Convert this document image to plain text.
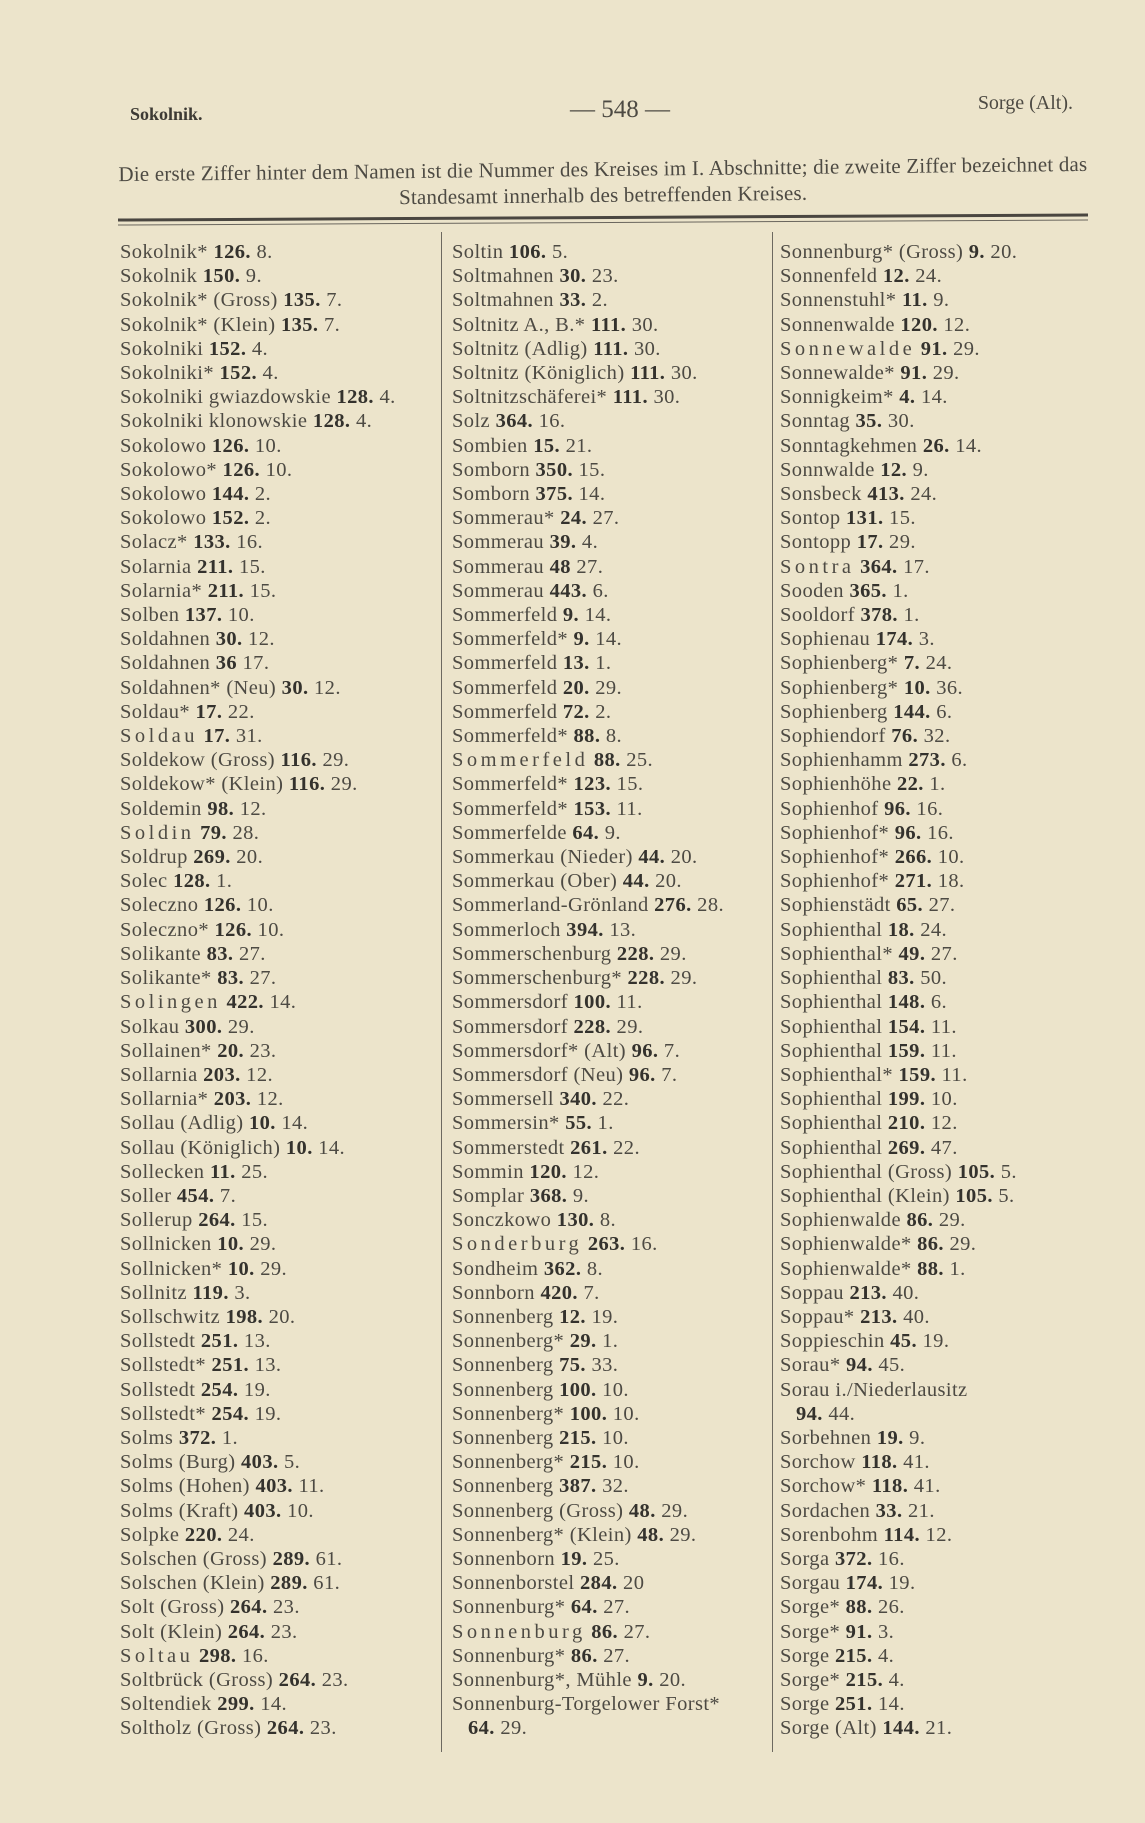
Sokolnik.	— 548 —	Sorge (Alt).
Die erste Ziffer hinter dem Namen ist die Nummer des Kreises im I. Abschnitte; die zweite Ziffer bezeichnet das Standesamt innerhalb des betreffenden Kreises.
Sokolnik* 126. 8.
Sokolnik 150. 9.
Sokolnik* (Gross) 135. 7.
Sokolnik* (Klein) 135. 7.
Sokolniki 152. 4.
Sokolniki* 152. 4.
Sokolniki gwiazdowskie 128. 4.
Sokolniki klonowskie 128. 4.
Sokolowo 126. 10.
Sokolowo* 126. 10.
Sokolowo 144. 2.
Sokolowo 152. 2.
Solacz* 133. 16.
Solarnia 211. 15.
Solarnia* 211. 15.
Solben 137. 10.
Soldahnen 30. 12.
Soldahnen 36 17.
Soldahnen* (Neu) 30. 12.
Soldau* 17. 22.
Soldau 17. 31.
Soldekow (Gross) 116. 29.
Soldekow* (Klein) 116. 29.
Soldemin 98. 12.
Soldin 79. 28.
Soldrup 269. 20.
Solec 128. 1.
Soleczno 126. 10.
Soleczno* 126. 10.
Solikante 83. 27.
Solikante* 83. 27.
Solingen 422. 14.
Solkau 300. 29.
Sollainen* 20. 23.
Sollarnia 203. 12.
Sollarnia* 203. 12.
Sollau (Adlig) 10. 14.
Sollau (Königlich) 10. 14.
Sollecken 11. 25.
Soller 454. 7.
Sollerup 264. 15.
Sollnicken 10. 29.
Sollnicken* 10. 29.
Sollnitz 119. 3.
Sollschwitz 198. 20.
Sollstedt 251. 13.
Sollstedt* 251. 13.
Sollstedt 254. 19.
Sollstedt* 254. 19.
Solms 372. 1.
Solms (Burg) 403. 5.
Solms (Hohen) 403. 11.
Solms (Kraft) 403. 10.
Solpke 220. 24.
Solschen (Gross) 289. 61.
Solschen (Klein) 289. 61.
Solt (Gross) 264. 23.
Solt (Klein) 264. 23.
Soltau 298. 16.
Soltbrück (Gross) 264. 23.
Soltendiek 299. 14.
Soltholz (Gross) 264. 23.
Soltin 106. 5.
Soltmahnen 30. 23.
Soltmahnen 33. 2.
Soltnitz A., B.* 111. 30.
Soltnitz (Adlig) 111. 30.
Soltnitz (Königlich) 111. 30.
Soltnitzschäferei* 111. 30.
Solz 364. 16.
Sombien 15. 21.
Somborn 350. 15.
Somborn 375. 14.
Sommerau* 24. 27.
Sommerau 39. 4.
Sommerau 48 27.
Sommerau 443. 6.
Sommerfeld 9. 14.
Sommerfeld* 9. 14.
Sommerfeld 13. 1.
Sommerfeld 20. 29.
Sommerfeld 72. 2.
Sommerfeld* 88. 8.
Sommerfeld 88. 25.
Sommerfeld* 123. 15.
Sommerfeld* 153. 11.
Sommerfelde 64. 9.
Sommerkau (Nieder) 44. 20.
Sommerkau (Ober) 44. 20.
Sommerland-Grönland 276. 28.
Sommerloch 394. 13.
Sommerschenburg 228. 29.
Sommerschenburg* 228. 29.
Sommersdorf 100. 11.
Sommersdorf 228. 29.
Sommersdorf* (Alt) 96. 7.
Sommersdorf (Neu) 96. 7.
Sommersell 340. 22.
Sommersin* 55. 1.
Sommerstedt 261. 22.
Sommin 120. 12.
Somplar 368. 9.
Sonczkowo 130. 8.
Sonderburg 263. 16.
Sondheim 362. 8.
Sonnborn 420. 7.
Sonnenberg 12. 19.
Sonnenberg* 29. 1.
Sonnenberg 75. 33.
Sonnenberg 100. 10.
Sonnenberg* 100. 10.
Sonnenberg 215. 10.
Sonnenberg* 215. 10.
Sonnenberg 387. 32.
Sonnenberg (Gross) 48. 29.
Sonnenberg* (Klein) 48. 29.
Sonnenborn 19. 25.
Sonnenborstel 284. 20
Sonnenburg* 64. 27.
Sonnenburg 86. 27.
Sonnenburg* 86. 27.
Sonnenburg*, Mühle 9. 20.
Sonnenburg-Torgelower Forst*
64. 29.
Sonnenburg* (Gross) 9. 20.
Sonnenfeld 12. 24.
Sonnenstuhl* 11. 9.
Sonnenwalde 120. 12.
Sonnewalde 91. 29.
Sonnewalde* 91. 29.
Sonnigkeim* 4. 14.
Sonntag 35. 30.
Sonntagkehmen 26. 14.
Sonnwalde 12. 9.
Sonsbeck 413. 24.
Sontop 131. 15.
Sontopp 17. 29.
Sontra 364. 17.
Sooden 365. 1.
Sooldorf 378. 1.
Sophienau 174. 3.
Sophienberg* 7. 24.
Sophienberg* 10. 36.
Sophienberg 144. 6.
Sophiendorf 76. 32.
Sophienhamm 273. 6.
Sophienhöhe 22. 1.
Sophienhof 96. 16.
Sophienhof* 96. 16.
Sophienhof* 266. 10.
Sophienhof* 271. 18.
Sophienstädt 65. 27.
Sophienthal 18. 24.
Sophienthal* 49. 27.
Sophienthal 83. 50.
Sophienthal 148. 6.
Sophienthal 154. 11.
Sophienthal 159. 11.
Sophienthal* 159. 11.
Sophienthal 199. 10.
Sophienthal 210. 12.
Sophienthal 269. 47.
Sophienthal (Gross) 105. 5.
Sophienthal (Klein) 105. 5.
Sophienwalde 86. 29.
Sophienwalde* 86. 29.
Sophienwalde* 88. 1.
Soppau 213. 40.
Soppau* 213. 40.
Soppieschin 45. 19.
Sorau* 94. 45.
Sorau i./Niederlausitz
94. 44.
Sorbehnen 19. 9.
Sorchow 118. 41.
Sorchow* 118. 41.
Sordachen 33. 21.
Sorenbohm 114. 12.
Sorga 372. 16.
Sorgau 174. 19.
Sorge* 88. 26.
Sorge* 91. 3.
Sorge 215. 4.
Sorge* 215. 4.
Sorge 251. 14.
Sorge (Alt) 144. 21.
